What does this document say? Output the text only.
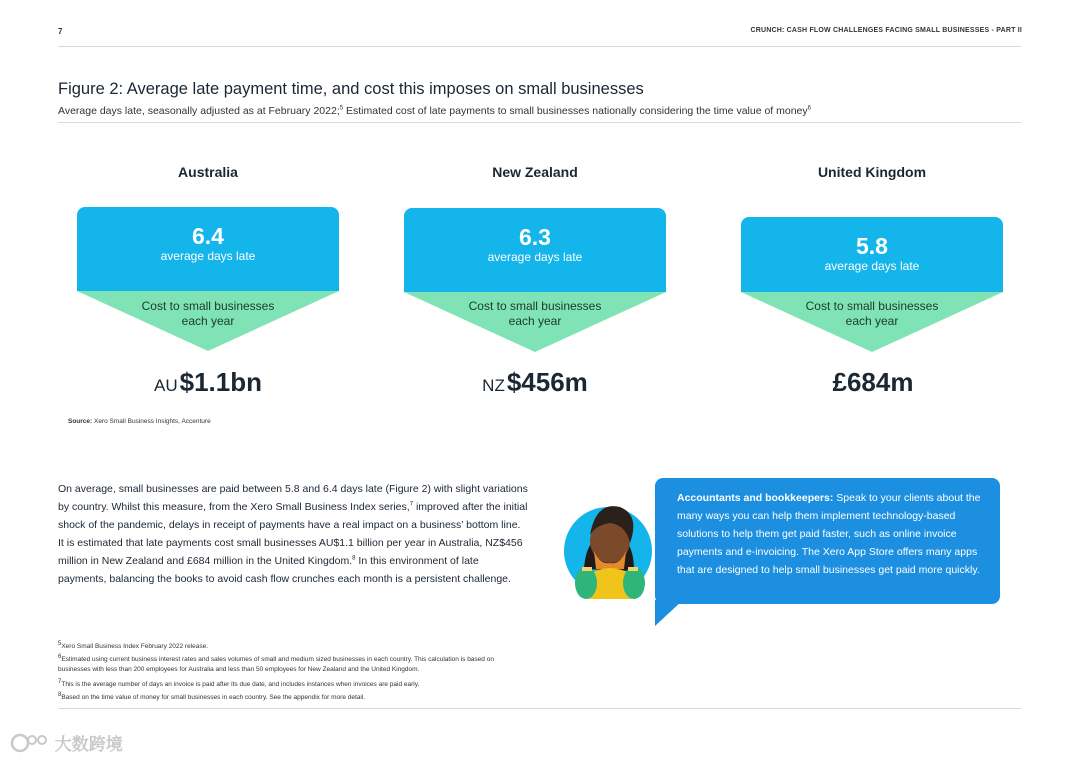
7	CRUNCH: CASH FLOW CHALLENGES FACING SMALL BUSINESSES - PART II
Figure 2: Average late payment time, and cost this imposes on small businesses
Average days late, seasonally adjusted as at February 2022;$^5$ Estimated cost of late payments to small businesses nationally considering the time value of money$^6$
Australia
6.4
average days late
Cost to small businesses
each year
AU$1.1bn
New Zealand
6.3
average days late
Cost to small businesses
each year
NZ$456m
United Kingdom
5.8
average days late
Cost to small businesses
each year
£684m
Source: Xero Small Business Insights, Accenture
On average, small businesses are paid between 5.8 and 6.4 days late (Figure 2) with slight variations by country. Whilst this measure, from the Xero Small Business Index series,$^7$ improved after the initial shock of the pandemic, delays in receipt of payments have a real impact on a business’ bottom line. It is estimated that late payments cost small businesses AU$1.1 billion per year in Australia, NZ$456 million in New Zealand and £684 million in the United Kingdom.$^8$ In this environment of late payments, balancing the books to avoid cash flow crunches each month is a persistent challenge.
Accountants and bookkeepers: Speak to your clients about the many ways you can help them implement technology-based solutions to help them get paid faster, such as online invoice payments and e-invoicing. The Xero App Store offers many apps that are designed to help small businesses get paid more quickly.
$^5$Xero Small Business Index February 2022 release.
$^6$Estimated using current business interest rates and sales volumes of small and medium sized businesses in each country. This calculation is based on businesses with less than 200 employees for Australia and less than 50 employees for New Zealand and the United Kingdom.
$^7$This is the average number of days an invoice is paid after its due date, and includes instances when invoices are paid early.
$^8$Based on the time value of money for small businesses in each country. See the appendix for more detail.
大数跨境
